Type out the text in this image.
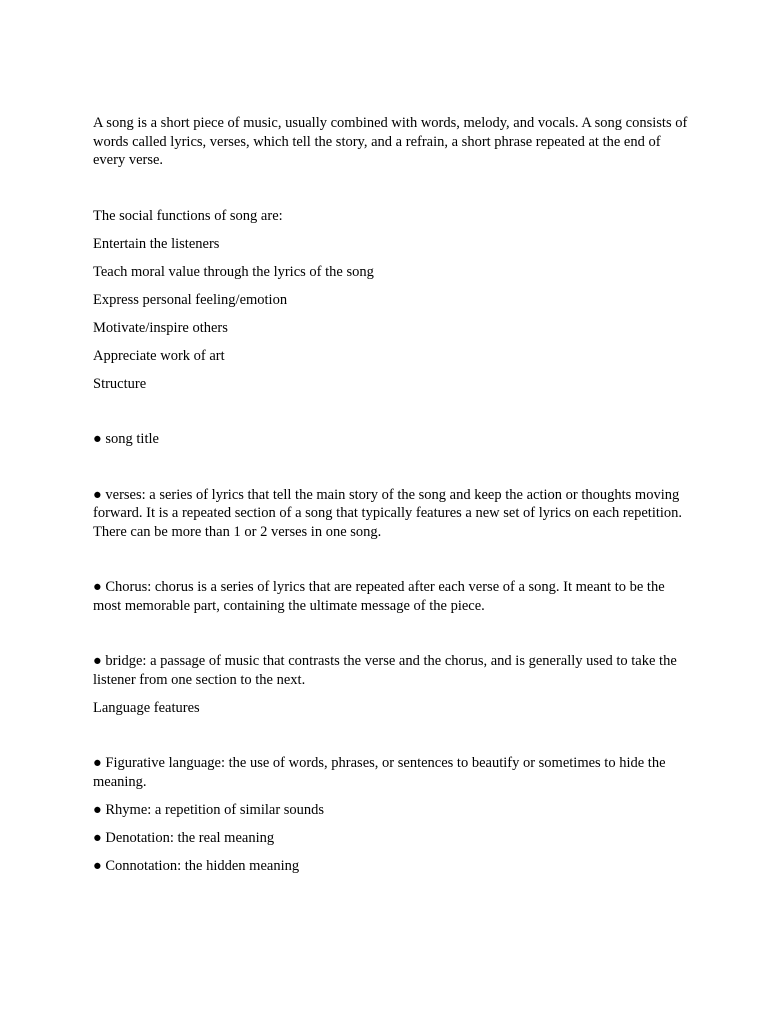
A song is a short piece of music, usually combined with words, melody, and vocals. A song consists of words called lyrics, verses, which tell the story, and a refrain, a short phrase repeated at the end of every verse.

The social functions of song are:

Entertain the listeners

Teach moral value through the lyrics of the song

Express personal feeling/emotion

Motivate/inspire others

Appreciate work of art

Structure

● song title

● verses: a series of lyrics that tell the main story of the song and keep the action or thoughts moving forward. It is a repeated section of a song that typically features a new set of lyrics on each repetition. There can be more than 1 or 2 verses in one song.

● Chorus: chorus is a series of lyrics that are repeated after each verse of a song. It meant to be the most memorable part, containing the ultimate message of the piece.

● bridge: a passage of music that contrasts the verse and the chorus, and is generally used to take the listener from one section to the next.

Language features

● Figurative language: the use of words, phrases, or sentences to beautify or sometimes to hide the meaning.

● Rhyme: a repetition of similar sounds

● Denotation: the real meaning

● Connotation: the hidden meaning
